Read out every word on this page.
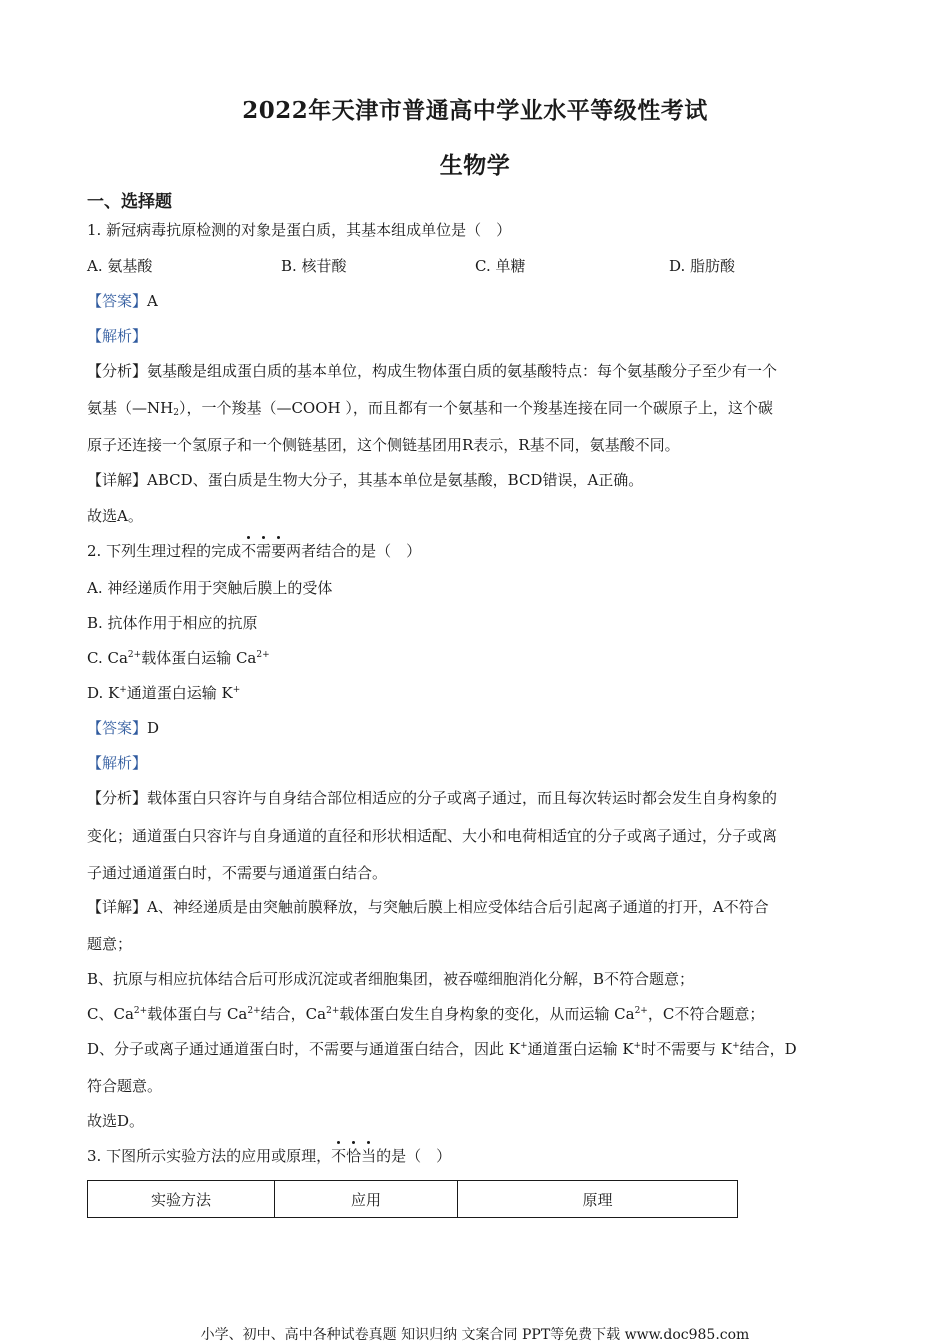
2022年天津市普通高中学业水平等级性考试
生物学
一、选择题
1. 新冠病毒抗原检测的对象是蛋白质，其基本组成单位是（　）
A. 氨基酸	B. 核苷酸	C. 单糖	D. 脂肪酸
【答案】A
【解析】
【分析】氨基酸是组成蛋白质的基本单位，构成生物体蛋白质的氨基酸特点：每个氨基酸分子至少有一个
氨基$(—NH_2)$，一个羧基（—COOH ），而且都有一个氨基和一个羧基连接在同一个碳原子上，这个碳
原子还连接一个氢原子和一个侧链基团，这个侧链基团用R表示，R基不同，氨基酸不同。
【详解】ABCD、蛋白质是生物大分子，其基本单位是氨基酸，BCD错误，A正确。
故选A。
2. 下列生理过程的完成不需要两者结合的是（　）
A. 神经递质作用于突触后膜上的受体
B. 抗体作用于相应的抗原
C. $Ca^{2+}$载体蛋白运输 $Ca^{2+}$
D. K+通道蛋白运输 K+
【答案】D
【解析】
【分析】载体蛋白只容许与自身结合部位相适应的分子或离子通过，而且每次转运时都会发生自身构象的
变化；通道蛋白只容许与自身通道的直径和形状相适配、大小和电荷相适宜的分子或离子通过，分子或离
子通过通道蛋白时，不需要与通道蛋白结合。
【详解】A、神经递质是由突触前膜释放，与突触后膜上相应受体结合后引起离子通道的打开，A不符合
题意；
B、抗原与相应抗体结合后可形成沉淀或者细胞集团，被吞噬细胞消化分解，B不符合题意；
C、$Ca^{2+}$载体蛋白与 $Ca^{2+}$结合，$Ca^{2+}$载体蛋白发生自身构象的变化，从而运输 $Ca^{2+}$，C不符合题意；
D、分子或离子通过通道蛋白时，不需要与通道蛋白结合，因此 K+通道蛋白运输 K+时不需要与 K+结合，D
符合题意。
故选D。
3. 下图所示实验方法的应用或原理，不恰当的是（　）
实验方法	应用	原理
小学、初中、高中各种试卷真题 知识归纳 文案合同 PPT等免费下载 www.doc985.com
